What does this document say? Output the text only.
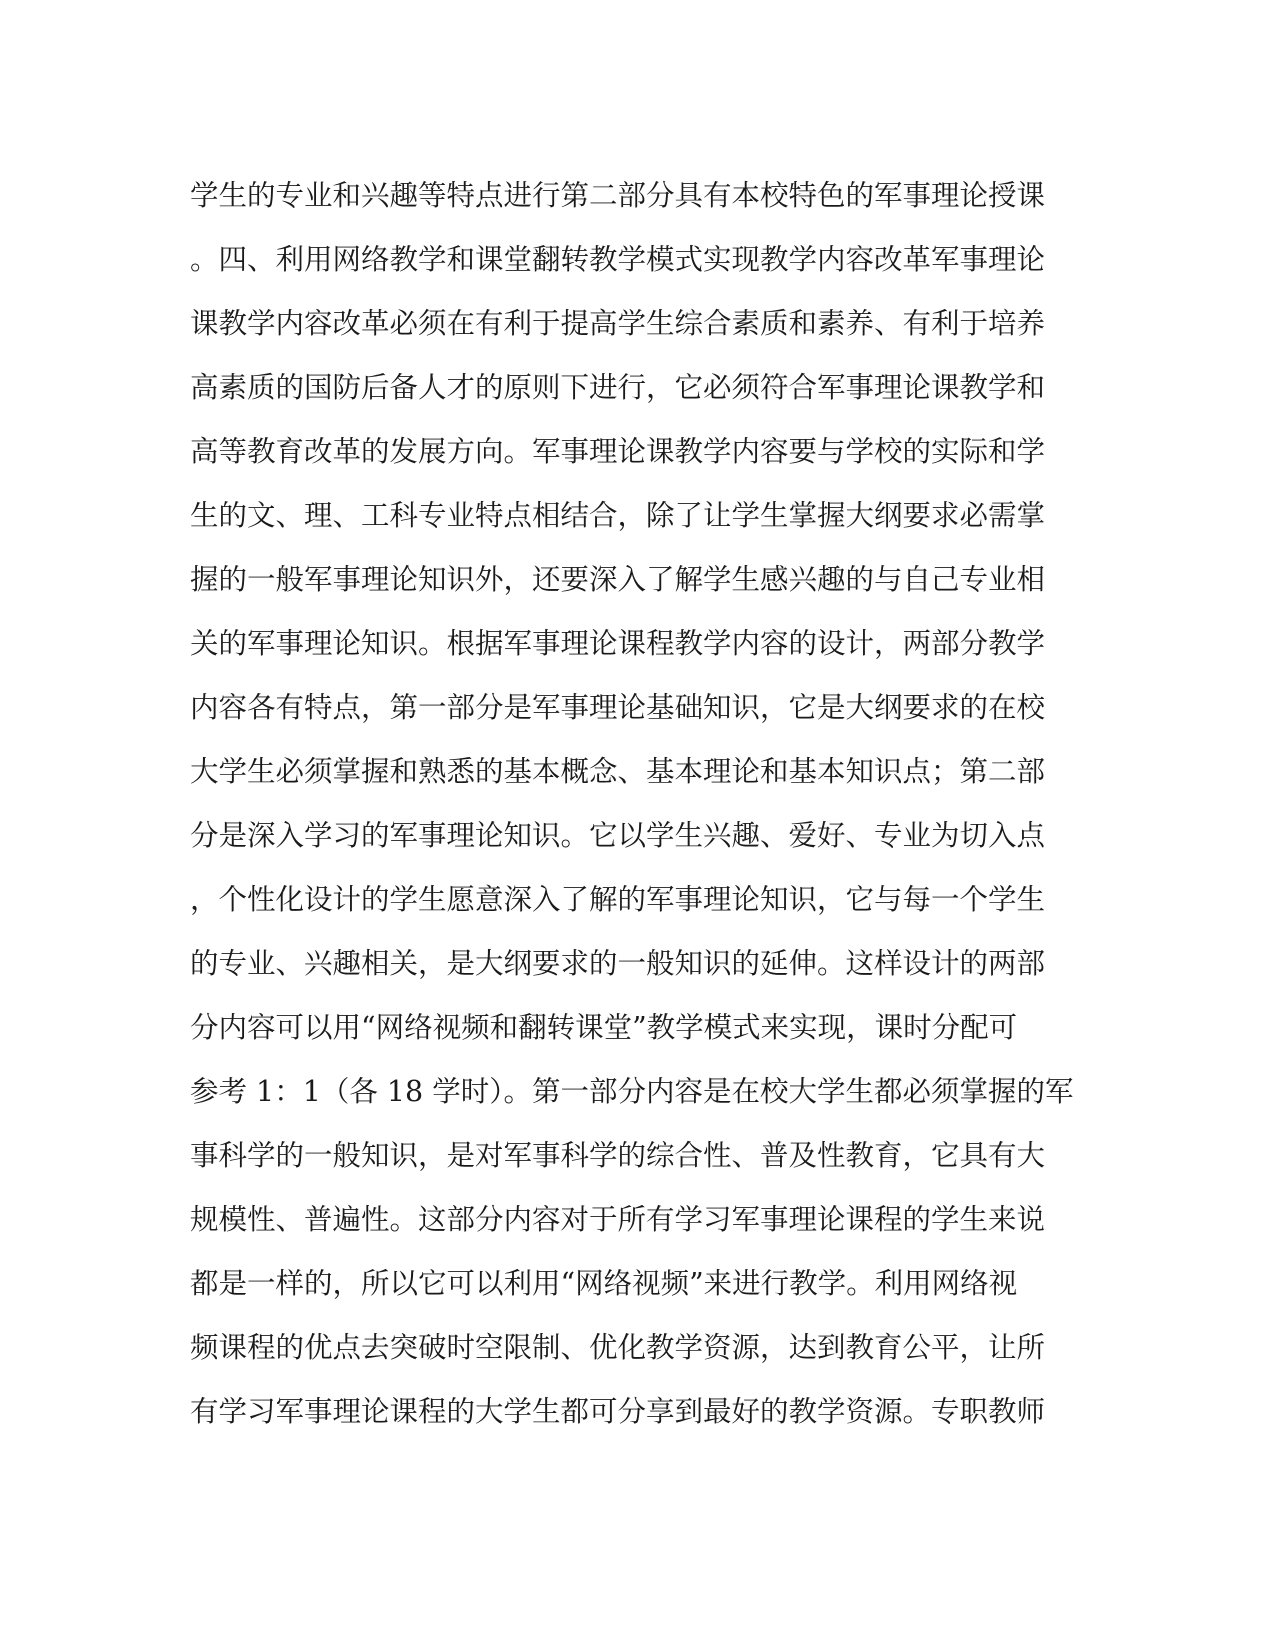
学生的专业和兴趣等特点进行第二部分具有本校特色的军事理论授课
。四、利用网络教学和课堂翻转教学模式实现教学内容改革军事理论
课教学内容改革必须在有利于提高学生综合素质和素养、有利于培养
高素质的国防后备人才的原则下进行，它必须符合军事理论课教学和
高等教育改革的发展方向。军事理论课教学内容要与学校的实际和学
生的文、理、工科专业特点相结合，除了让学生掌握大纲要求必需掌
握的一般军事理论知识外，还要深入了解学生感兴趣的与自己专业相
关的军事理论知识。根据军事理论课程教学内容的设计，两部分教学
内容各有特点，第一部分是军事理论基础知识，它是大纲要求的在校
大学生必须掌握和熟悉的基本概念、基本理论和基本知识点；第二部
分是深入学习的军事理论知识。它以学生兴趣、爱好、专业为切入点
，个性化设计的学生愿意深入了解的军事理论知识，它与每一个学生
的专业、兴趣相关，是大纲要求的一般知识的延伸。这样设计的两部
分内容可以用“网络视频和翻转课堂”教学模式来实现，课时分配可
参考 1：1（各 18 学时）。第一部分内容是在校大学生都必须掌握的军
事科学的一般知识，是对军事科学的综合性、普及性教育，它具有大
规模性、普遍性。这部分内容对于所有学习军事理论课程的学生来说
都是一样的，所以它可以利用“网络视频”来进行教学。利用网络视
频课程的优点去突破时空限制、优化教学资源，达到教育公平，让所
有学习军事理论课程的大学生都可分享到最好的教学资源。专职教师
